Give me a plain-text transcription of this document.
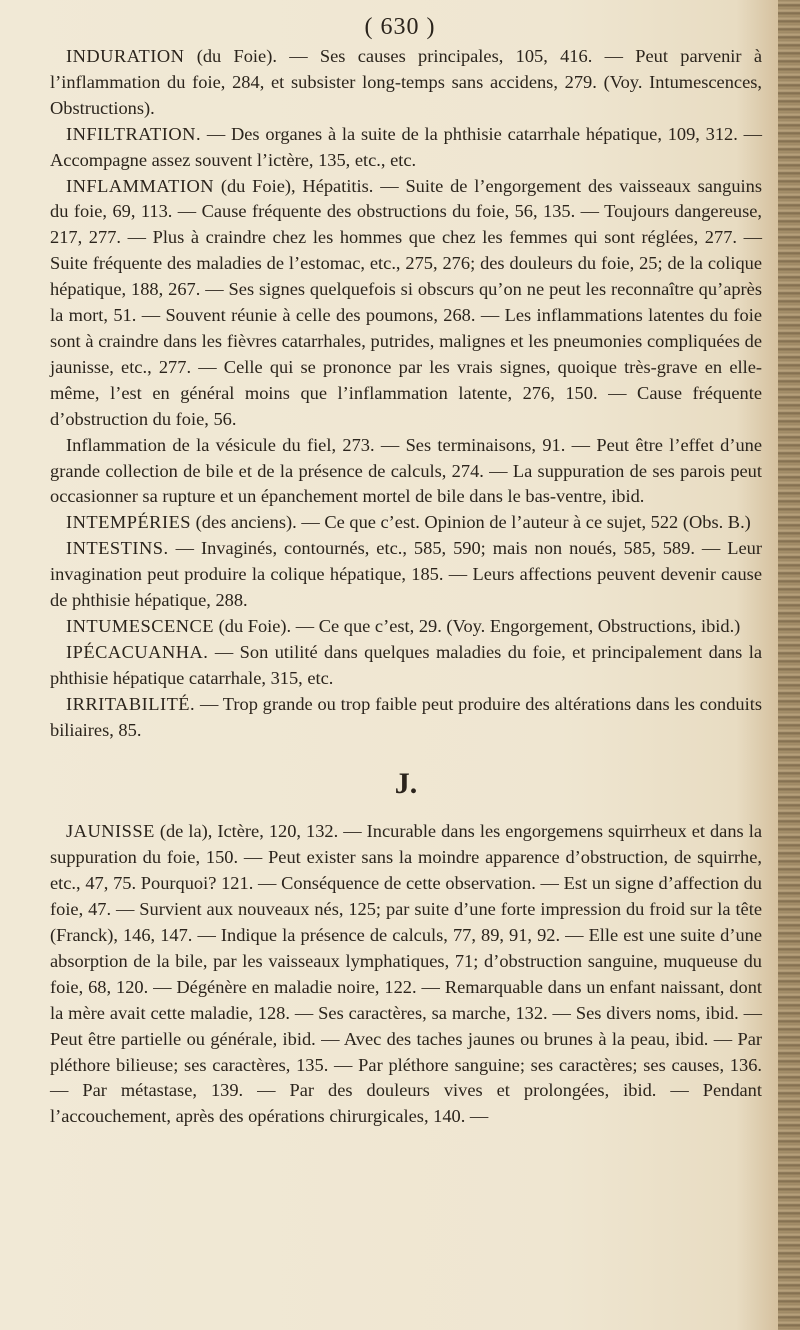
( 630 )

INDURATION (du Foie). — Ses causes principales, 105, 416. — Peut parvenir à l’inflammation du foie, 284, et subsister long-temps sans accidens, 279. (Voy. Intumescences, Obstructions).

INFILTRATION. — Des organes à la suite de la phthisie catarrhale hépatique, 109, 312. — Accompagne assez souvent l’ictère, 135, etc., etc.

INFLAMMATION (du Foie), Hépatitis. — Suite de l’engorgement des vaisseaux sanguins du foie, 69, 113. — Cause fréquente des obstructions du foie, 56, 135. — Toujours dangereuse, 217, 277. — Plus à craindre chez les hommes que chez les femmes qui sont réglées, 277. — Suite fréquente des maladies de l’estomac, etc., 275, 276; des douleurs du foie, 25; de la colique hépatique, 188, 267. — Ses signes quelquefois si obscurs qu’on ne peut les reconnaître qu’après la mort, 51. — Souvent réunie à celle des poumons, 268. — Les inflammations latentes du foie sont à craindre dans les fièvres catarrhales, putrides, malignes et les pneumonies compliquées de jaunisse, etc., 277. — Celle qui se prononce par les vrais signes, quoique très-grave en elle-même, l’est en général moins que l’inflammation latente, 276, 150. — Cause fréquente d’obstruction du foie, 56.

Inflammation de la vésicule du fiel, 273. — Ses terminaisons, 91. — Peut être l’effet d’une grande collection de bile et de la présence de calculs, 274. — La suppuration de ses parois peut occasionner sa rupture et un épanchement mortel de bile dans le bas-ventre, ibid.

INTEMPÉRIES (des anciens). — Ce que c’est. Opinion de l’auteur à ce sujet, 522 (Obs. B.)

INTESTINS. — Invaginés, contournés, etc., 585, 590; mais non noués, 585, 589. — Leur invagination peut produire la colique hépatique, 185. — Leurs affections peuvent devenir cause de phthisie hépatique, 288.

INTUMESCENCE (du Foie). — Ce que c’est, 29. (Voy. Engorgement, Obstructions, ibid.)

IPÉCACUANHA. — Son utilité dans quelques maladies du foie, et principalement dans la phthisie hépatique catarrhale, 315, etc.

IRRITABILITÉ. — Trop grande ou trop faible peut produire des altérations dans les conduits biliaires, 85.

J.

JAUNISSE (de la), Ictère, 120, 132. — Incurable dans les engorgemens squirrheux et dans la suppuration du foie, 150. — Peut exister sans la moindre apparence d’obstruction, de squirrhe, etc., 47, 75. Pourquoi? 121. — Conséquence de cette observation. — Est un signe d’affection du foie, 47. — Survient aux nouveaux nés, 125; par suite d’une forte impression du froid sur la tête (Franck), 146, 147. — Indique la présence de calculs, 77, 89, 91, 92. — Elle est une suite d’une absorption de la bile, par les vaisseaux lymphatiques, 71; d’obstruction sanguine, muqueuse du foie, 68, 120. — Dégénère en maladie noire, 122. — Remarquable dans un enfant naissant, dont la mère avait cette maladie, 128. — Ses caractères, sa marche, 132. — Ses divers noms, ibid. — Peut être partielle ou générale, ibid. — Avec des taches jaunes ou brunes à la peau, ibid. — Par pléthore bilieuse; ses caractères, 135. — Par pléthore sanguine; ses caractères; ses causes, 136. — Par métastase, 139. — Par des douleurs vives et prolongées, ibid. — Pendant l’accouchement, après des opérations chirurgicales, 140. —
